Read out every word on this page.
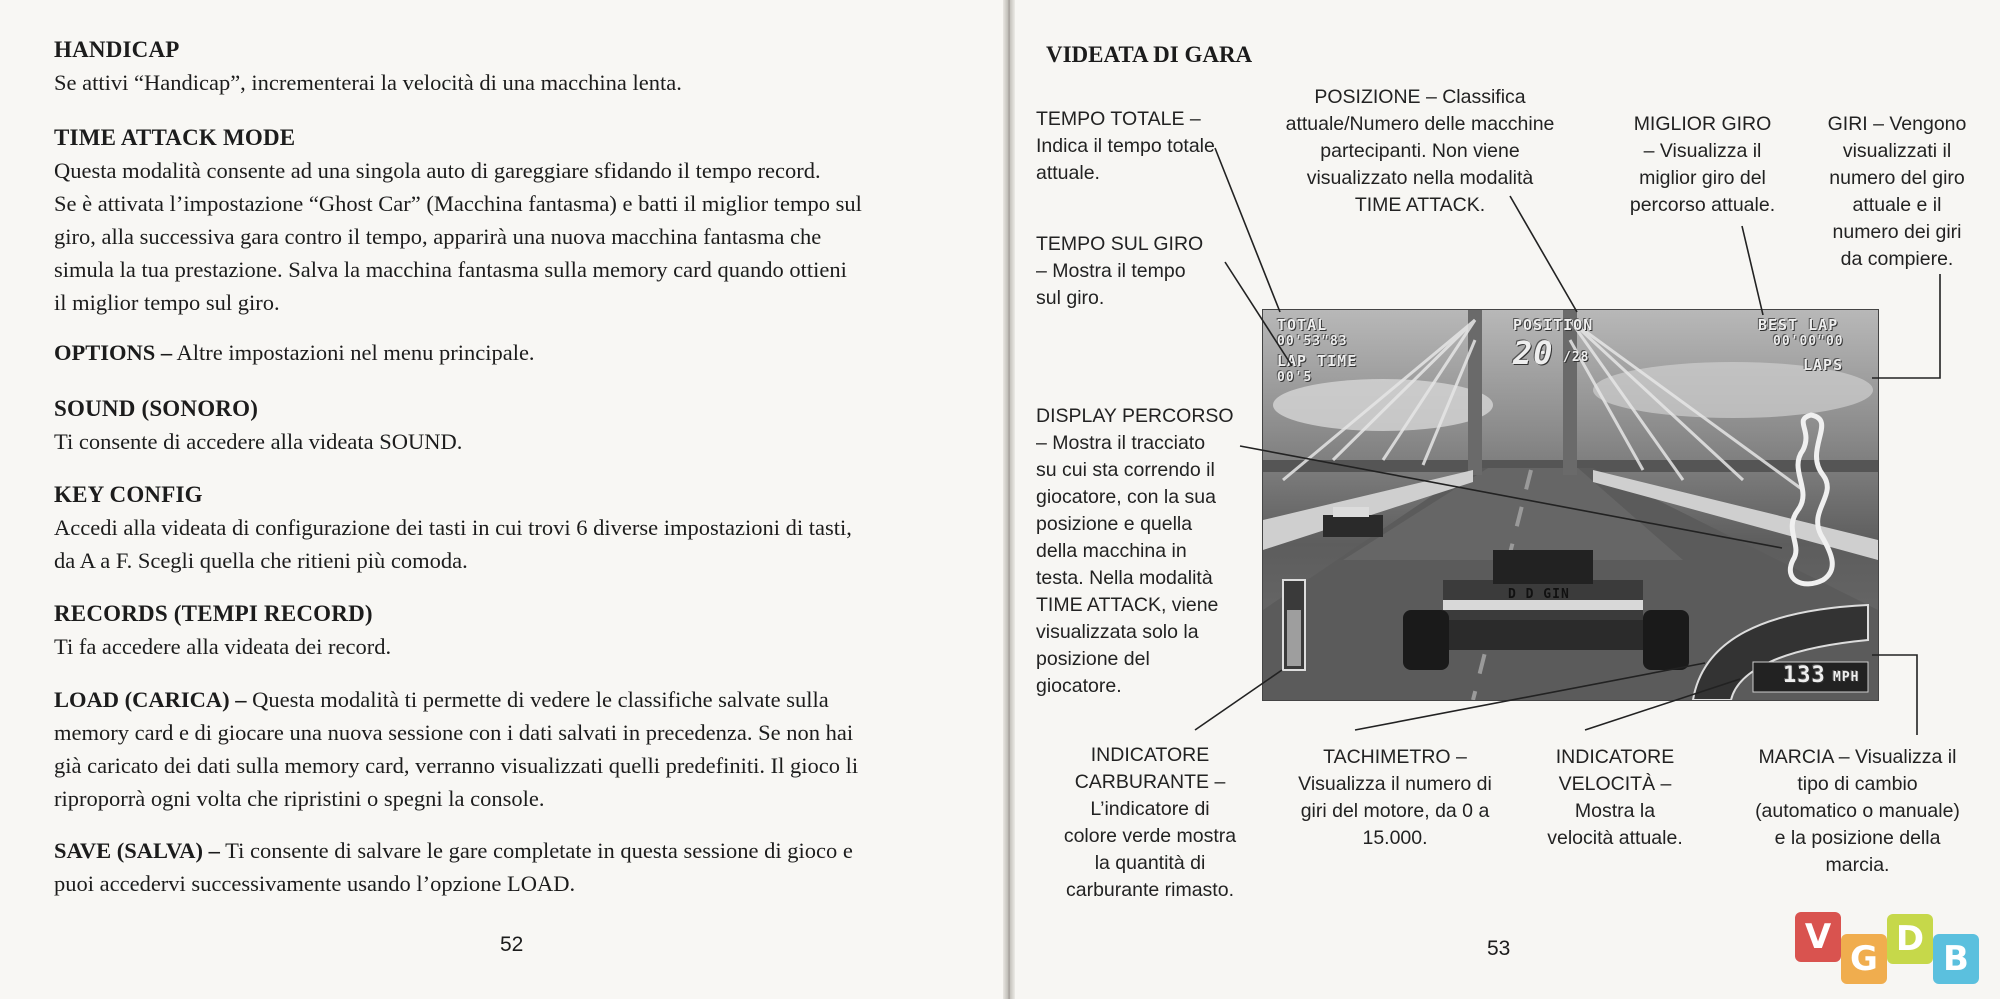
HANDICAP

Se attivi “Handicap”, incrementerai la velocità di una macchina lenta.

TIME ATTACK MODE

Questa modalità consente ad una singola auto di gareggiare sfidando il tempo record.

Se è attivata l’impostazione “Ghost Car” (Macchina fantasma) e batti il miglior tempo sul

giro, alla successiva gara contro il tempo, apparirà una nuova macchina fantasma che

simula la tua prestazione. Salva la macchina fantasma sulla memory card quando ottieni

il miglior tempo sul giro.

OPTIONS – Altre impostazioni nel menu principale.

SOUND (SONORO)

Ti consente di accedere alla videata SOUND.

KEY CONFIG

Accedi alla videata di configurazione dei tasti in cui trovi 6 diverse impostazioni di tasti,

da A a F. Scegli quella che ritieni più comoda.

RECORDS (TEMPI RECORD)

Ti fa accedere alla videata dei record.

LOAD (CARICA) – Questa modalità ti permette di vedere le classifiche salvate sulla

memory card e di giocare una nuova sessione con i dati salvati in precedenza. Se non hai

già caricato dei dati sulla memory card, verranno visualizzati quelli predefiniti. Il gioco li

riproporrà ogni volta che ripristini o spegni la console.

SAVE (SALVA) – Ti consente di salvare le gare completate in questa sessione di gioco e

puoi accedervi successivamente usando l’opzione LOAD.

52
VIDEATA DI GARA
TOTAL
00'53"83
LAP TIME
00'5
POSITION
20 /28
BEST LAP
00'00"00
LAPS
133 MPH
D D GIN
TEMPO TOTALE –
Indica il tempo totale
attuale.
POSIZIONE – Classifica
attuale/Numero delle macchine
partecipanti. Non viene
visualizzato nella modalità
TIME ATTACK.
MIGLIOR GIRO
– Visualizza il
miglior giro del
percorso attuale.
GIRI – Vengono
visualizzati il
numero del giro
attuale e il
numero dei giri
da compiere.
TEMPO SUL GIRO
– Mostra il tempo
sul giro.
DISPLAY PERCORSO
– Mostra il tracciato
su cui sta correndo il
giocatore, con la sua
posizione e quella
della macchina in
testa. Nella modalità
TIME ATTACK, viene
visualizzata solo la
posizione del
giocatore.
INDICATORE
CARBURANTE –
L’indicatore di
colore verde mostra
la quantità di
carburante rimasto.
TACHIMETRO –
Visualizza il numero di
giri del motore, da 0 a
15.000.
INDICATORE
VELOCITÀ –
Mostra la
velocità attuale.
MARCIA – Visualizza il
tipo di cambio
(automatico o manuale)
e la posizione della
marcia.
53	V
G D B
